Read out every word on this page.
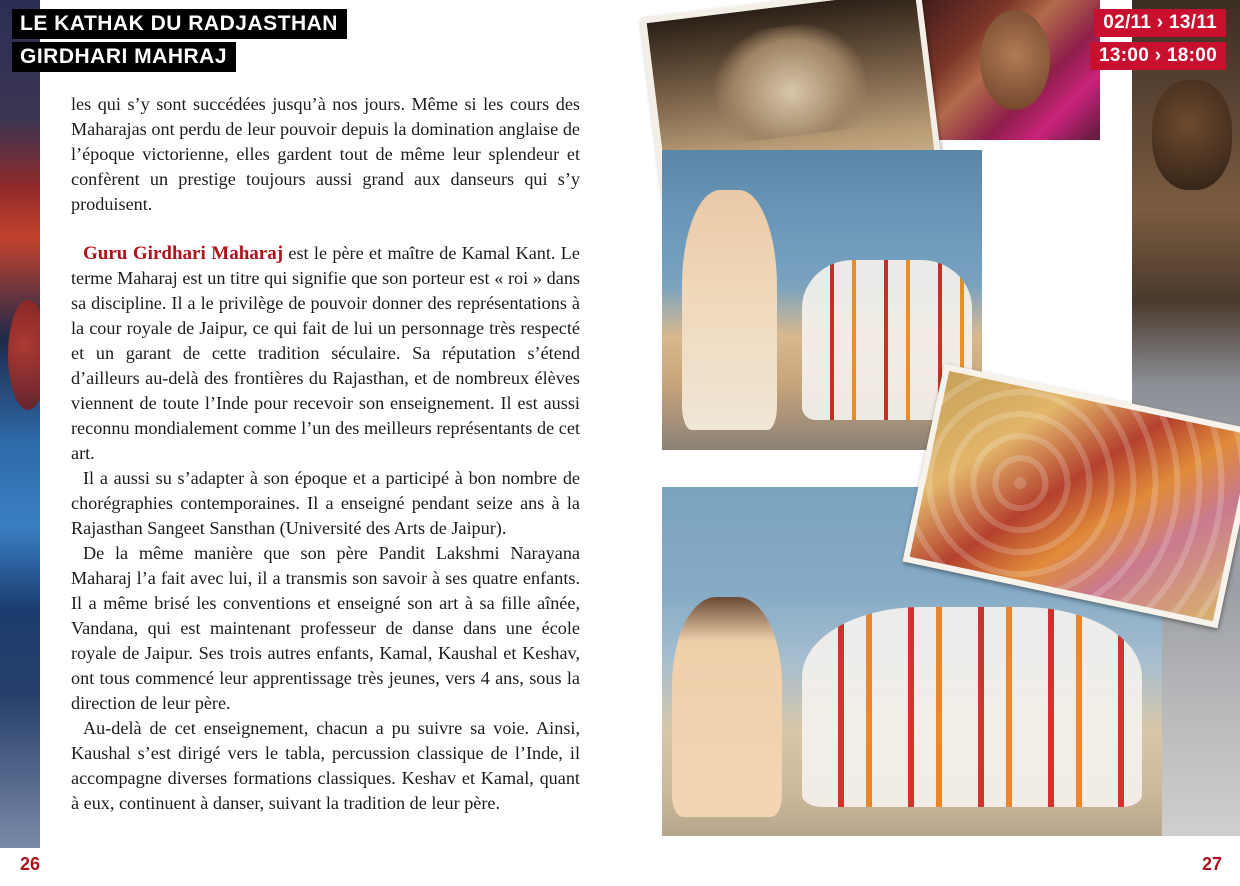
LE KATHAK DU RADJASTHAN
GIRDHARI MAHRAJ

les qui s’y sont succédées jusqu’à nos jours. Même si les cours des Maharajas ont perdu de leur pouvoir depuis la domination anglaise de l’époque victorienne, elles gardent tout de même leur splendeur et confèrent un prestige toujours aussi grand aux danseurs qui s’y produisent.

Guru Girdhari Maharaj est le père et maître de Kamal Kant. Le terme Maharaj est un titre qui signifie que son porteur est « roi » dans sa discipline. Il a le privilège de pouvoir donner des représentations à la cour royale de Jaipur, ce qui fait de lui un personnage très respecté et un garant de cette tradition séculaire. Sa réputation s’étend d’ailleurs au-delà des frontières du Rajasthan, et de nombreux élèves viennent de toute l’Inde pour recevoir son enseignement. Il est aussi reconnu mondialement comme l’un des meilleurs représentants de cet art.

Il a aussi su s’adapter à son époque et a participé à bon nombre de chorégraphies contemporaines. Il a enseigné pendant seize ans à la Rajasthan Sangeet Sansthan (Université des Arts de Jaipur).

De la même manière que son père Pandit Lakshmi Narayana Maharaj l’a fait avec lui, il a transmis son savoir à ses quatre enfants. Il a même brisé les conventions et enseigné son art à sa fille aînée, Vandana, qui est maintenant professeur de danse dans une école royale de Jaipur. Ses trois autres enfants, Kamal, Kaushal et Keshav, ont tous commencé leur apprentissage très jeunes, vers 4 ans, sous la direction de leur père.

Au-delà de cet enseignement, chacun a pu suivre sa voie. Ainsi, Kaushal s’est dirigé vers le tabla, percussion classique de l’Inde, il accompagne diverses formations classiques. Keshav et Kamal, quant à eux, continuent à danser, suivant la tradition de leur père.

26
02/11 › 13/11
13:00 › 18:00
27
